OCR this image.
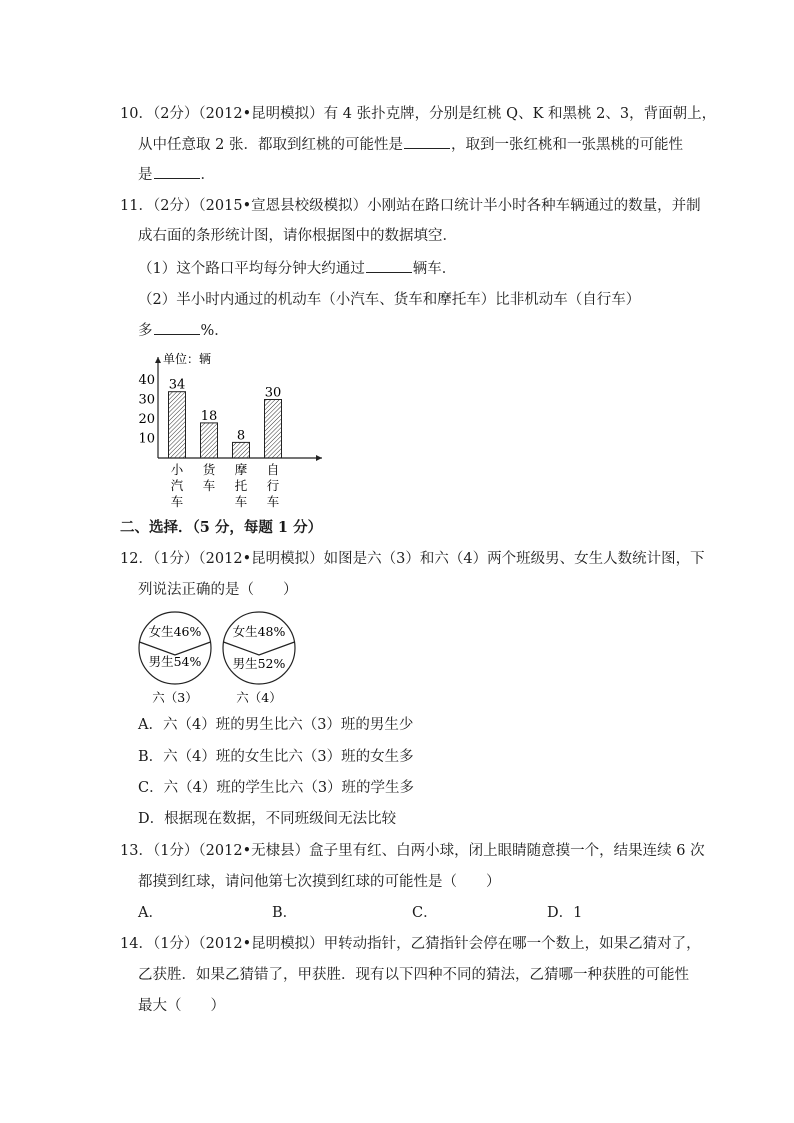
10．（2分）（2012•昆明模拟）有 4 张扑克牌，分别是红桃 Q、K 和黑桃 2、3，背面朝上，
从中任意取 2 张．都取到红桃的可能性是	，取到一张红桃和一张黑桃的可能性
是	．
11．（2分）（2015•宣恩县校级模拟）小刚站在路口统计半小时各种车辆通过的数量，并制
成右面的条形统计图，请你根据图中的数据填空．
（1）这个路口平均每分钟大约通过	辆车．
（2）半小时内通过的机动车（小汽车、货车和摩托车）比非机动车（自行车）
多	%．
单位：辆
10
20
30
40 34
小
汽
车
18
货
车
8
摩
托
车
30
自
行
车
二、选择．（5 分，每题 1 分）
12．（1分）（2012•昆明模拟）如图是六（3）和六（4）两个班级男、女生人数统计图，下
列说法正确的是（　　）
女生46%
男生54%
六（3）
女生48%
男生52%
六（4）
A．六（4）班的男生比六（3）班的男生少
B．六（4）班的女生比六（3）班的女生多
C．六（4）班的学生比六（3）班的学生多
D．根据现在数据，不同班级间无法比较
13．（1分）（2012•无棣县）盒子里有红、白两小球，闭上眼睛随意摸一个，结果连续 6 次
都摸到红球，请问他第七次摸到红球的可能性是（　　）
A．	B．	C．	D．1
14．（1分）（2012•昆明模拟）甲转动指针，乙猜指针会停在哪一个数上，如果乙猜对了，
乙获胜．如果乙猜错了，甲获胜．现有以下四种不同的猜法，乙猜哪一种获胜的可能性
最大（　　）
